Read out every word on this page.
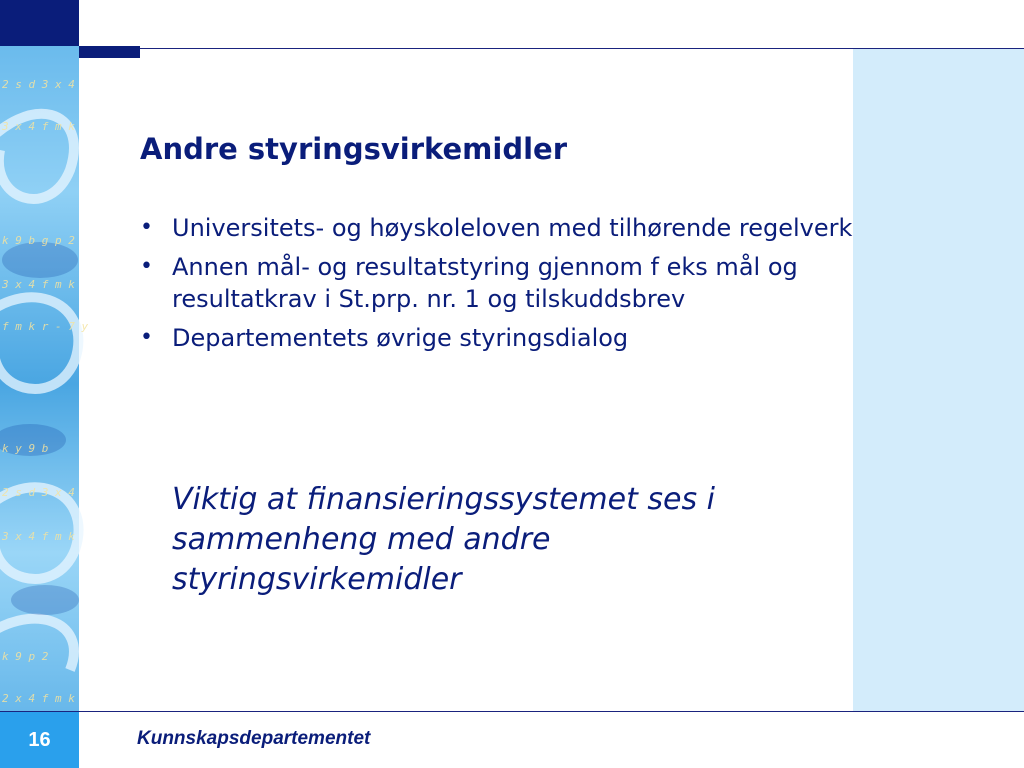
2 s d 3 x 4
3 x 4 f m k
k 9 b g p 2
3 x 4 f m k
f m k r - 7 y
k y 9 b
2 s d 3 x 4
3 x 4 f m k
k 9 p 2
2 x 4 f m k
Andre styringsvirkemidler
• Universitets- og høyskoleloven med tilhørende regelverk
• Annen mål- og resultatstyring gjennom f eks mål og resultatkrav i St.prp. nr. 1 og tilskuddsbrev
• Departementets øvrige styringsdialog

Viktig at finansieringssystemet ses i sammenheng med andre styringsvirkemidler

16	Kunnskapsdepartementet
